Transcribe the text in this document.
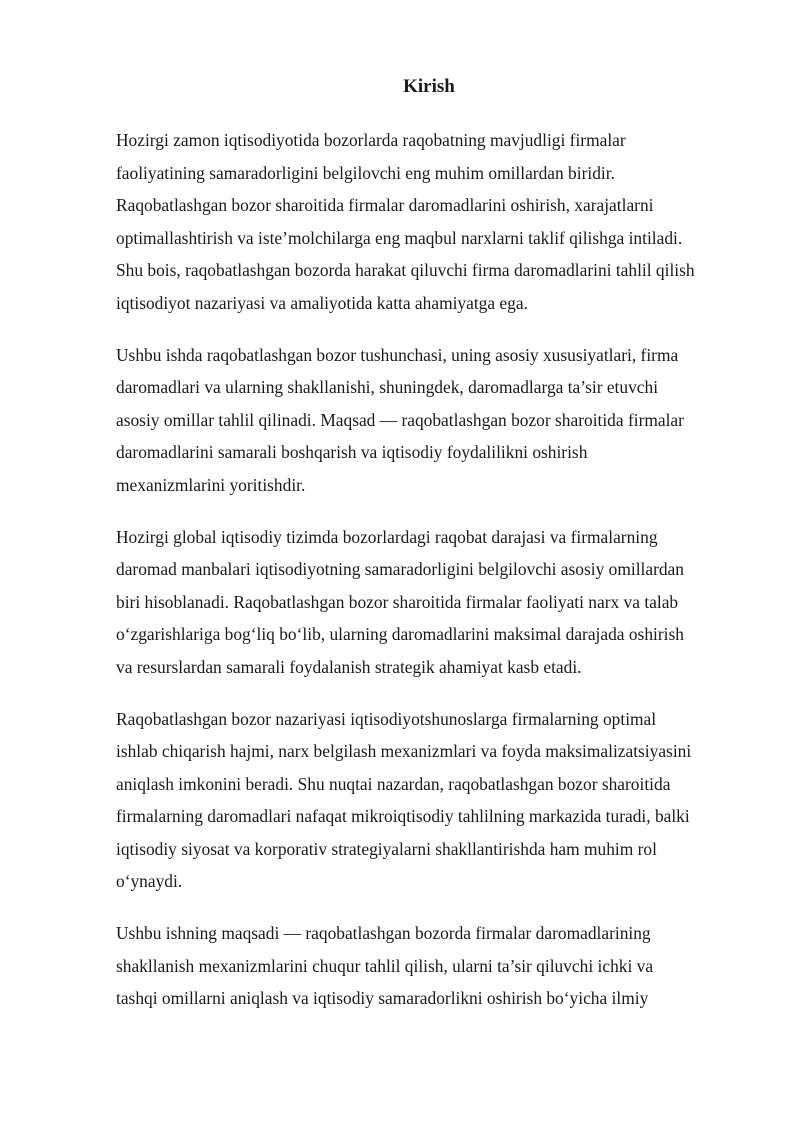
Kirish

Hozirgi zamon iqtisodiyotida bozorlarda raqobatning mavjudligi firmalar
faoliyatining samaradorligini belgilovchi eng muhim omillardan biridir.
Raqobatlashgan bozor sharoitida firmalar daromadlarini oshirish, xarajatlarni
optimallashtirish va iste’molchilarga eng maqbul narxlarni taklif qilishga intiladi.
Shu bois, raqobatlashgan bozorda harakat qiluvchi firma daromadlarini tahlil qilish
iqtisodiyot nazariyasi va amaliyotida katta ahamiyatga ega.

Ushbu ishda raqobatlashgan bozor tushunchasi, uning asosiy xususiyatlari, firma
daromadlari va ularning shakllanishi, shuningdek, daromadlarga ta’sir etuvchi
asosiy omillar tahlil qilinadi. Maqsad — raqobatlashgan bozor sharoitida firmalar
daromadlarini samarali boshqarish va iqtisodiy foydalilikni oshirish
mexanizmlarini yoritishdir.

Hozirgi global iqtisodiy tizimda bozorlardagi raqobat darajasi va firmalarning
daromad manbalari iqtisodiyotning samaradorligini belgilovchi asosiy omillardan
biri hisoblanadi. Raqobatlashgan bozor sharoitida firmalar faoliyati narx va talab
o‘zgarishlariga bog‘liq bo‘lib, ularning daromadlarini maksimal darajada oshirish
va resurslardan samarali foydalanish strategik ahamiyat kasb etadi.

Raqobatlashgan bozor nazariyasi iqtisodiyotshunoslarga firmalarning optimal
ishlab chiqarish hajmi, narx belgilash mexanizmlari va foyda maksimalizatsiyasini
aniqlash imkonini beradi. Shu nuqtai nazardan, raqobatlashgan bozor sharoitida
firmalarning daromadlari nafaqat mikroiqtisodiy tahlilning markazida turadi, balki
iqtisodiy siyosat va korporativ strategiyalarni shakllantirishda ham muhim rol
o‘ynaydi.

Ushbu ishning maqsadi — raqobatlashgan bozorda firmalar daromadlarining
shakllanish mexanizmlarini chuqur tahlil qilish, ularni ta’sir qiluvchi ichki va
tashqi omillarni aniqlash va iqtisodiy samaradorlikni oshirish bo‘yicha ilmiy
